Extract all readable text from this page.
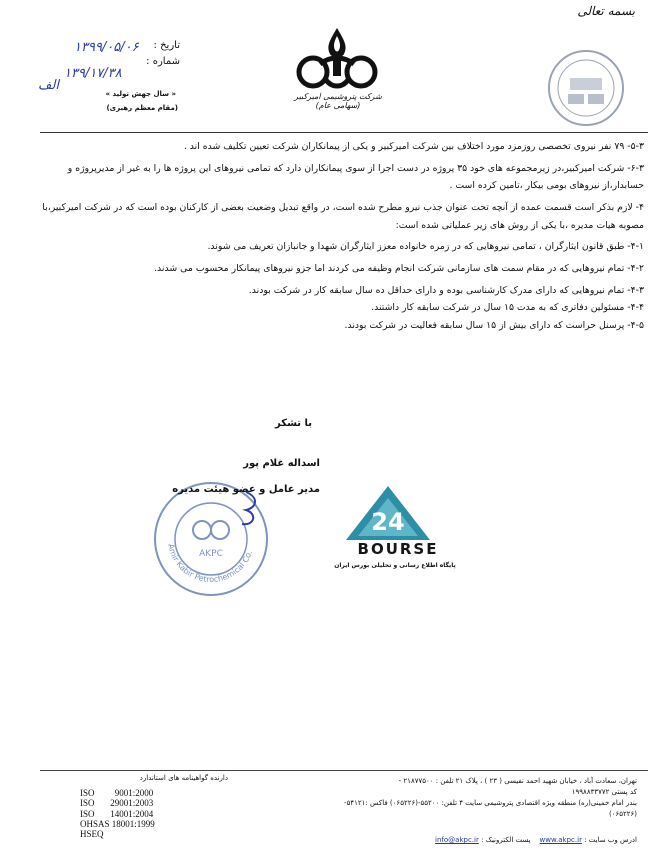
بسمه تعالی
تاریخ :
شماره :
۱۳۹۹/۰۵/۰۶
۱۳۹/۱۷/۳۸
الف
« سال جهش تولید »
(مقام معظم رهبری)
شرکت پتروشیمی امیرکبیر (سهامی عام)

۵-۳- ۷۹ نفر نیروی تخصصی روزمزد مورد اختلاف بین شرکت امیرکبیر و یکی از پیمانکاران شرکت تعیین تکلیف شده اند .

۶-۳- شرکت امیرکبیر،در زیرمجموعه های خود ۳۵ پروژه در دست اجرا از سوی پیمانکاران دارد که تمامی نیروهای این پروژه ها را به غیر از مدیرپروژه و حسابدار،از نیروهای بومی بیکار ،تامین کرده است .

۴- لازم بذکر است قسمت عمده از آنچه تحت عنوان جذب نیرو مطرح شده است، در واقع تبدیل وضعیت بعضی از کارکنان بوده است که در شرکت امیرکبیر،با مصوبه هیات مدیره ،با یکی از روش های زیر عملیاتی شده است:

۴-۱- طبق قانون ایثارگران ، تمامی نیروهایی که در زمره خانواده معزز ایثارگران شهدا و جانبازان تعریف می شوند.

۴-۲- تمام نیروهایی که در مقام سمت های سازمانی شرکت انجام وظیفه می کردند اما جزو نیروهای پیمانکار محسوب می شدند.

۴-۳- تمام نیروهایی که دارای مدرک کارشناسی بوده و دارای حداقل ده سال سابقه کار در شرکت بودند.

۴-۴- مسئولین دفاتری که به مدت ۱۵ سال در شرکت سابقه کار داشتند.

۴-۵- پرسنل حراست که دارای بیش از ۱۵ سال سابقه فعالیت در شرکت بودند.

با تشکر
AKPC
Amir Kabir Petrochemical Co.
اسداله غلام پور
مدیر عامل و عضو هیئت مدیره
24
BOURSE
پایگاه اطلاع رسانی و تحلیلی بورس ایران
تهران، سعادت آباد ، خیابان شهید احمد نفیسی ( ۲۳ ) ، پلاک ۲۱ تلفن : ۲۱۸۷۷۵۰۰ -
کد پستی ۱۹۹۸۸۳۳۷۷۲
بندر امام خمینی(ره) منطقه ویژه اقتصادی پتروشیمی سایت ۴ تلفن: ۵۵۲۰۰-(۰۶۵۲۲۶) فاکس :۵۴۱۲۱-(۰۶۵۲۲۶)
ادرس وب سایت : www.akpc.ir    پست الکترونیک : info@akpc.ir
دارنده گواهینامه های استاندارد
ISO         9001:2000
ISO       29001:2003
ISO       14001:2004
OHSAS 18001:1999
HSEQ
